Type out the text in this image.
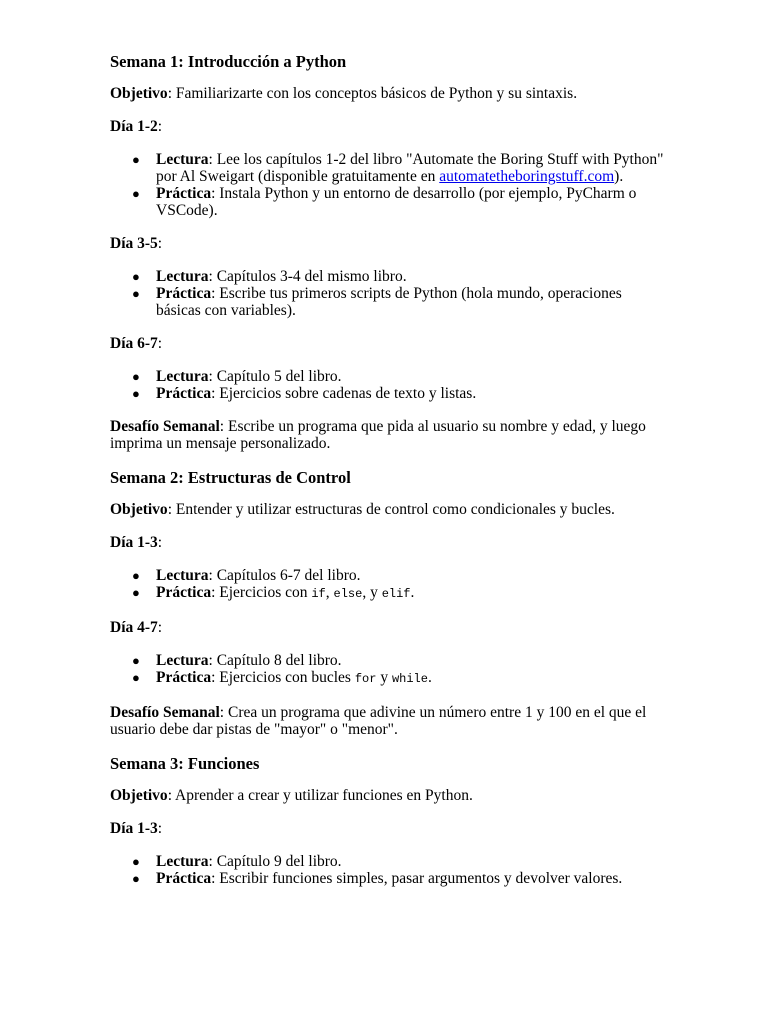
Semana 1: Introducción a Python

Objetivo: Familiarizarte con los conceptos básicos de Python y su sintaxis.

Día 1-2:

● Lectura: Lee los capítulos 1-2 del libro "Automate the Boring Stuff with Python" por Al Sweigart (disponible gratuitamente en automatetheboringstuff.com).
● Práctica: Instala Python y un entorno de desarrollo (por ejemplo, PyCharm o VSCode).

Día 3-5:

● Lectura: Capítulos 3-4 del mismo libro.
● Práctica: Escribe tus primeros scripts de Python (hola mundo, operaciones básicas con variables).

Día 6-7:

● Lectura: Capítulo 5 del libro.
● Práctica: Ejercicios sobre cadenas de texto y listas.

Desafío Semanal: Escribe un programa que pida al usuario su nombre y edad, y luego imprima un mensaje personalizado.

Semana 2: Estructuras de Control

Objetivo: Entender y utilizar estructuras de control como condicionales y bucles.

Día 1-3:

● Lectura: Capítulos 6-7 del libro.
● Práctica: Ejercicios con if, else, y elif.

Día 4-7:

● Lectura: Capítulo 8 del libro.
● Práctica: Ejercicios con bucles for y while.

Desafío Semanal: Crea un programa que adivine un número entre 1 y 100 en el que el usuario debe dar pistas de "mayor" o "menor".

Semana 3: Funciones

Objetivo: Aprender a crear y utilizar funciones en Python.

Día 1-3:

● Lectura: Capítulo 9 del libro.
● Práctica: Escribir funciones simples, pasar argumentos y devolver valores.
